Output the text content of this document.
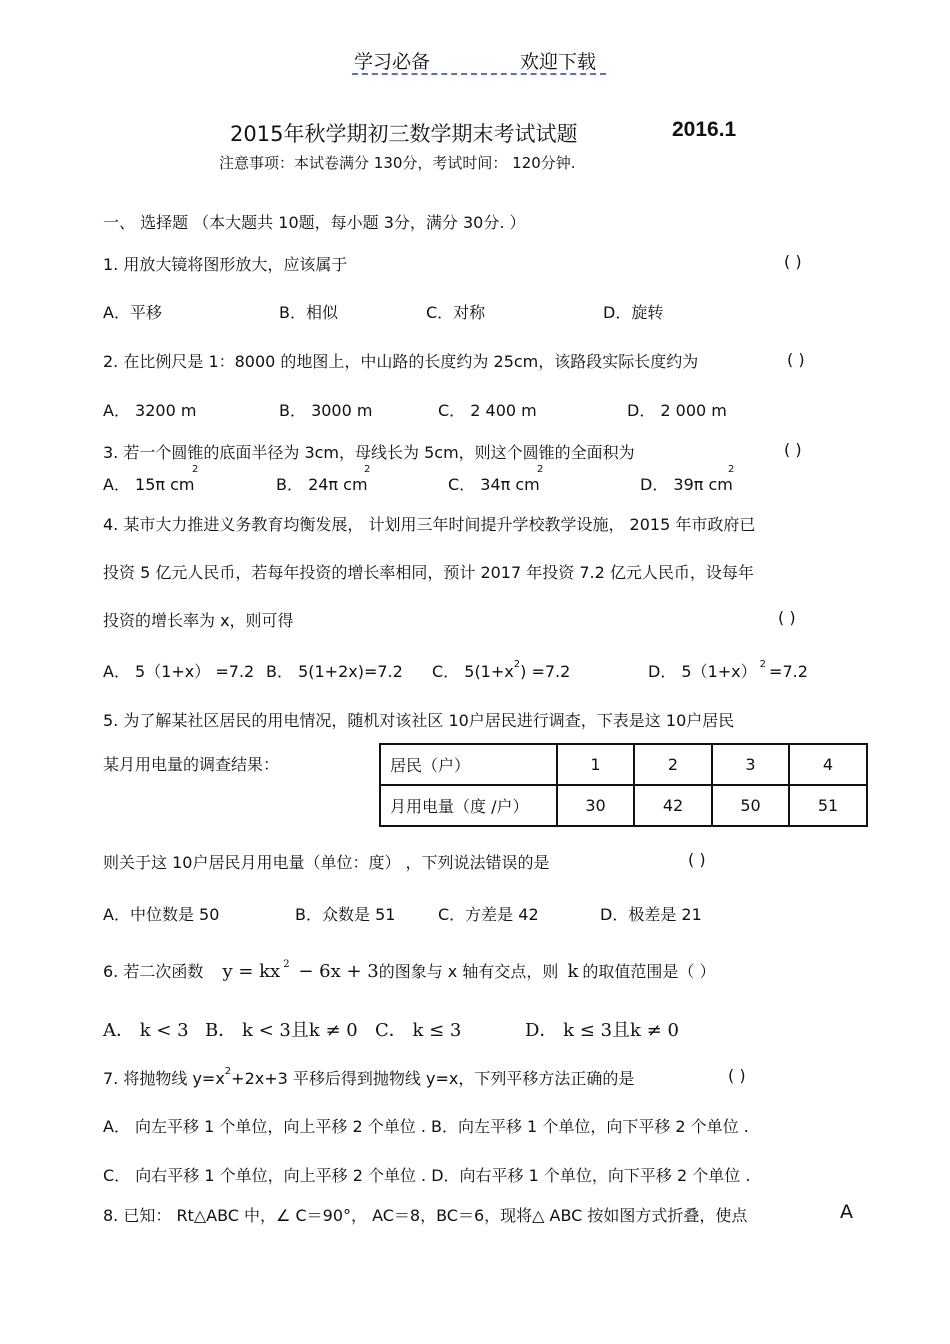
学习必备	欢迎下载
2015年秋学期初三数学期末考试试题	2016.1
注意事项：本试卷满分 130分，考试时间： 120分钟.
一、 选择题 （本大题共 10题，每小题 3分，满分 30分. ）
1. 用放大镜将图形放大，应该属于	( )
A．平移	B．相似	C．对称	D．旋转
2. 在比例尺是 1：8000 的地图上，中山路的长度约为 25cm，该路段实际长度约为	( )
A． 3200 m	B． 3000 m	C． 2 400 m	D． 2 000 m
3. 若一个圆锥的底面半径为 3cm，母线长为 5cm，则这个圆锥的全面积为	( )
A． 15π cm
2
B． 24π cm
2
C． 34π cm
2
D． 39π cm
2
4. 某市大力推进义务教育均衡发展， 计划用三年时间提升学校教学设施， 2015 年市政府已
投资 5 亿元人民币，若每年投资的增长率相同，预计 2017 年投资 7.2 亿元人民币，设每年
投资的增长率为 x，则可得	( )
A． 5（1+x） =7.2 B． 5(1+2x)=7.2 C． $5(1+x^2) =7.2$	D． 5（1+x） $^2$ =7.2
5. 为了解某社区居民的用电情况，随机对该社区 10户居民进行调查，下表是这 10户居民
某月用电量的调查结果：	居民（户）	1	2	3	4
月用电量（度 /户）	30	42	50	51
则关于这 10户居民月用电量（单位：度） ，下列说法错误的是	( )
A．中位数是 50	B．众数是 51	C．方差是 42	D．极差是 21
6. 若二次函数 y = kx $^2$ − 6x + 3的图象与 x 轴有交点，则 k 的取值范围是（ ）
A． k < 3 B． k < 3且k ≠ 0 C． k ≤ 3	D． k ≤ 3且k ≠ 0
7. 将抛物线 $y=x^2+2x+3$ 平移后得到抛物线 y=x，下列平移方法正确的是	( )
A． 向左平移 1 个单位，向上平移 2 个单位 . B．向左平移 1 个单位，向下平移 2 个单位 .
C． 向右平移 1 个单位，向上平移 2 个单位 . D．向右平移 1 个单位，向下平移 2 个单位 .
8. 已知： Rt△ABC 中，∠ C＝90°， AC＝8，BC＝6，现将△ ABC 按如图方式折叠，使点	A
